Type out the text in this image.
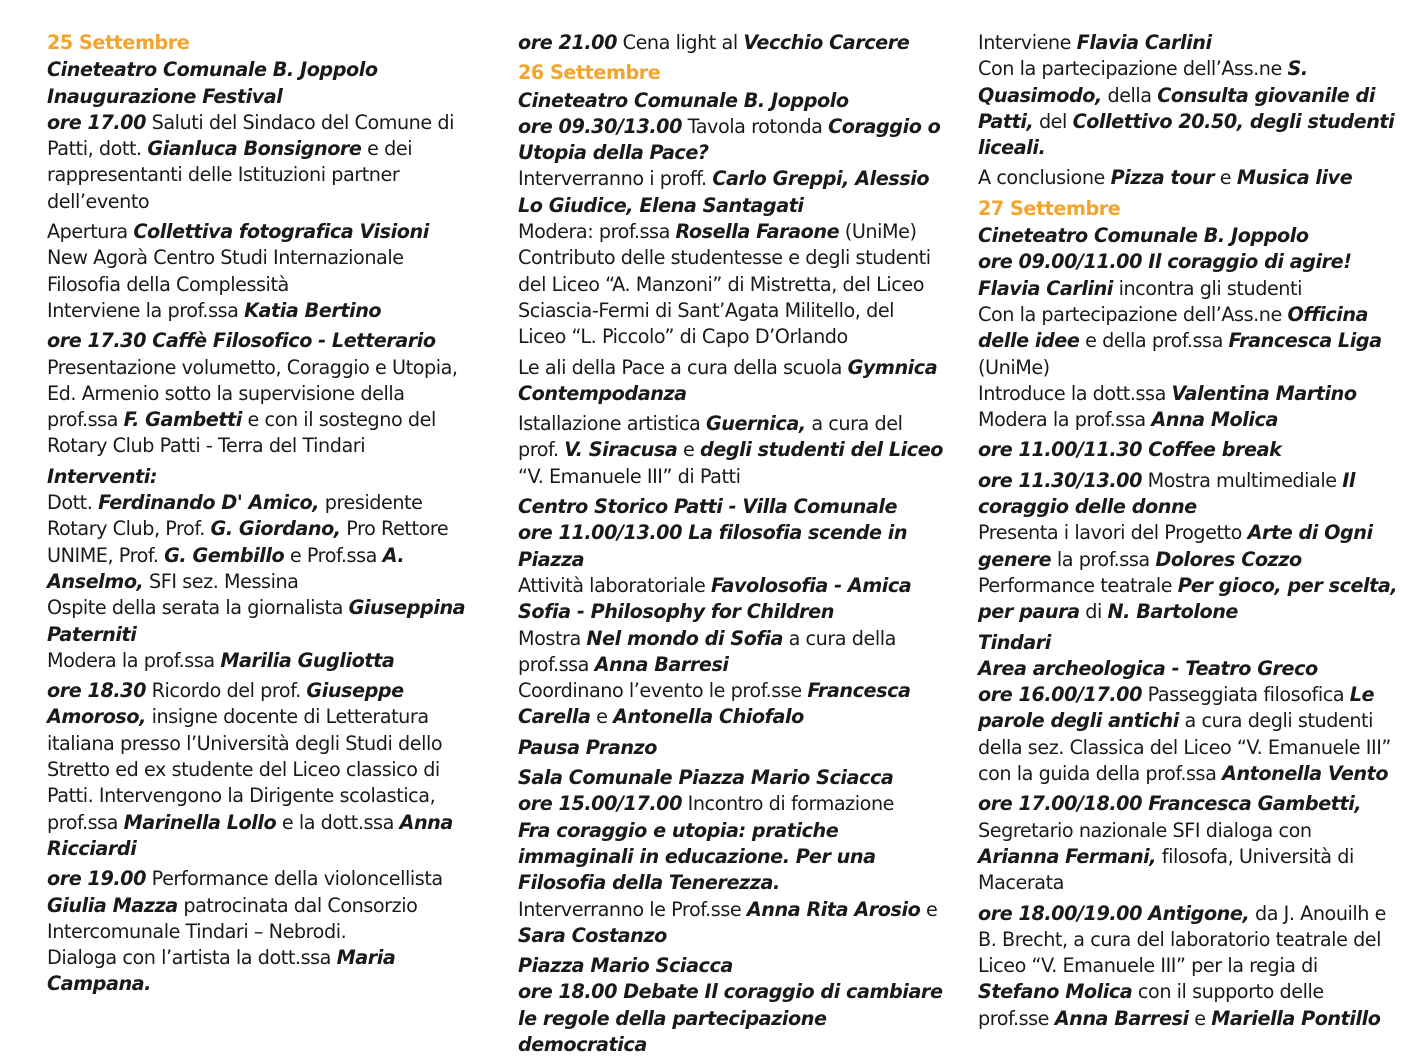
25 Settembre
Cineteatro Comunale B. Joppolo
Inaugurazione Festival
ore 17.00 Saluti del Sindaco del Comune di Patti, dott. Gianluca Bonsignore e dei rappresentanti delle Istituzioni partner dell’evento
Apertura Collettiva fotografica Visioni
New Agorà Centro Studi Internazionale Filosofia della Complessità
Interviene la prof.ssa Katia Bertino
ore 17.30 Caffè Filosofico - Letterario
Presentazione volumetto, Coraggio e Utopia, Ed. Armenio sotto la supervisione della prof.ssa F. Gambetti e con il sostegno del Rotary Club Patti - Terra del Tindari
Interventi:
Dott. Ferdinando D' Amico, presidente Rotary Club, Prof. G. Giordano, Pro Rettore UNIME, Prof. G. Gembillo e Prof.ssa A. Anselmo, SFI sez. Messina
Ospite della serata la giornalista Giuseppina Paterniti
Modera la prof.ssa Marilia Gugliotta
ore 18.30 Ricordo del prof. Giuseppe Amoroso, insigne docente di Letteratura italiana presso l’Università degli Studi dello Stretto ed ex studente del Liceo classico di Patti. Intervengono la Dirigente scolastica, prof.ssa Marinella Lollo e la dott.ssa Anna Ricciardi
ore 19.00 Performance della violoncellista Giulia Mazza patrocinata dal Consorzio Intercomunale Tindari – Nebrodi.
Dialoga con l’artista la dott.ssa Maria Campana.
ore 21.00 Cena light al Vecchio Carcere
26 Settembre
Cineteatro Comunale B. Joppolo
ore 09.30/13.00 Tavola rotonda Coraggio o Utopia della Pace?
Interverranno i proff. Carlo Greppi, Alessio Lo Giudice, Elena Santagati
Modera: prof.ssa Rosella Faraone (UniMe)
Contributo delle studentesse e degli studenti del Liceo “A. Manzoni” di Mistretta, del Liceo Sciascia-Fermi di Sant’Agata Militello, del Liceo “L. Piccolo” di Capo D’Orlando
Le ali della Pace a cura della scuola Gymnica Contempodanza
Istallazione artistica Guernica, a cura del prof. V. Siracusa e degli studenti del Liceo “V. Emanuele III” di Patti
Centro Storico Patti - Villa Comunale
ore 11.00/13.00 La filosofia scende in Piazza
Attività laboratoriale Favolosofia - Amica Sofia - Philosophy for Children
Mostra Nel mondo di Sofia a cura della prof.ssa Anna Barresi
Coordinano l’evento le prof.sse Francesca Carella e Antonella Chiofalo
Pausa Pranzo
Sala Comunale Piazza Mario Sciacca
ore 15.00/17.00 Incontro di formazione
Fra coraggio e utopia: pratiche immaginali in educazione. Per una Filosofia della Tenerezza.
Interverranno le Prof.sse Anna Rita Arosio e Sara Costanzo
Piazza Mario Sciacca
ore 18.00 Debate Il coraggio di cambiare le regole della partecipazione democratica
Interviene Flavia Carlini
Con la partecipazione dell’Ass.ne S. Quasimodo, della Consulta giovanile di Patti, del Collettivo 20.50, degli studenti liceali.
A conclusione Pizza tour e Musica live
27 Settembre
Cineteatro Comunale B. Joppolo
ore 09.00/11.00 Il coraggio di agire! Flavia Carlini incontra gli studenti
Con la partecipazione dell’Ass.ne Officina delle idee e della prof.ssa Francesca Liga (UniMe)
Introduce la dott.ssa Valentina Martino
Modera la prof.ssa Anna Molica
ore 11.00/11.30 Coffee break
ore 11.30/13.00 Mostra multimediale Il coraggio delle donne
Presenta i lavori del Progetto Arte di Ogni genere la prof.ssa Dolores Cozzo
Performance teatrale Per gioco, per scelta, per paura di N. Bartolone
Tindari
Area archeologica - Teatro Greco
ore 16.00/17.00 Passeggiata filosofica Le parole degli antichi a cura degli studenti della sez. Classica del Liceo “V. Emanuele III” con la guida della prof.ssa Antonella Vento
ore 17.00/18.00 Francesca Gambetti,
Segretario nazionale SFI dialoga con Arianna Fermani, filosofa, Università di Macerata
ore 18.00/19.00 Antigone, da J. Anouilh e B. Brecht, a cura del laboratorio teatrale del Liceo “V. Emanuele III” per la regia di Stefano Molica con il supporto delle prof.sse Anna Barresi e Mariella Pontillo
